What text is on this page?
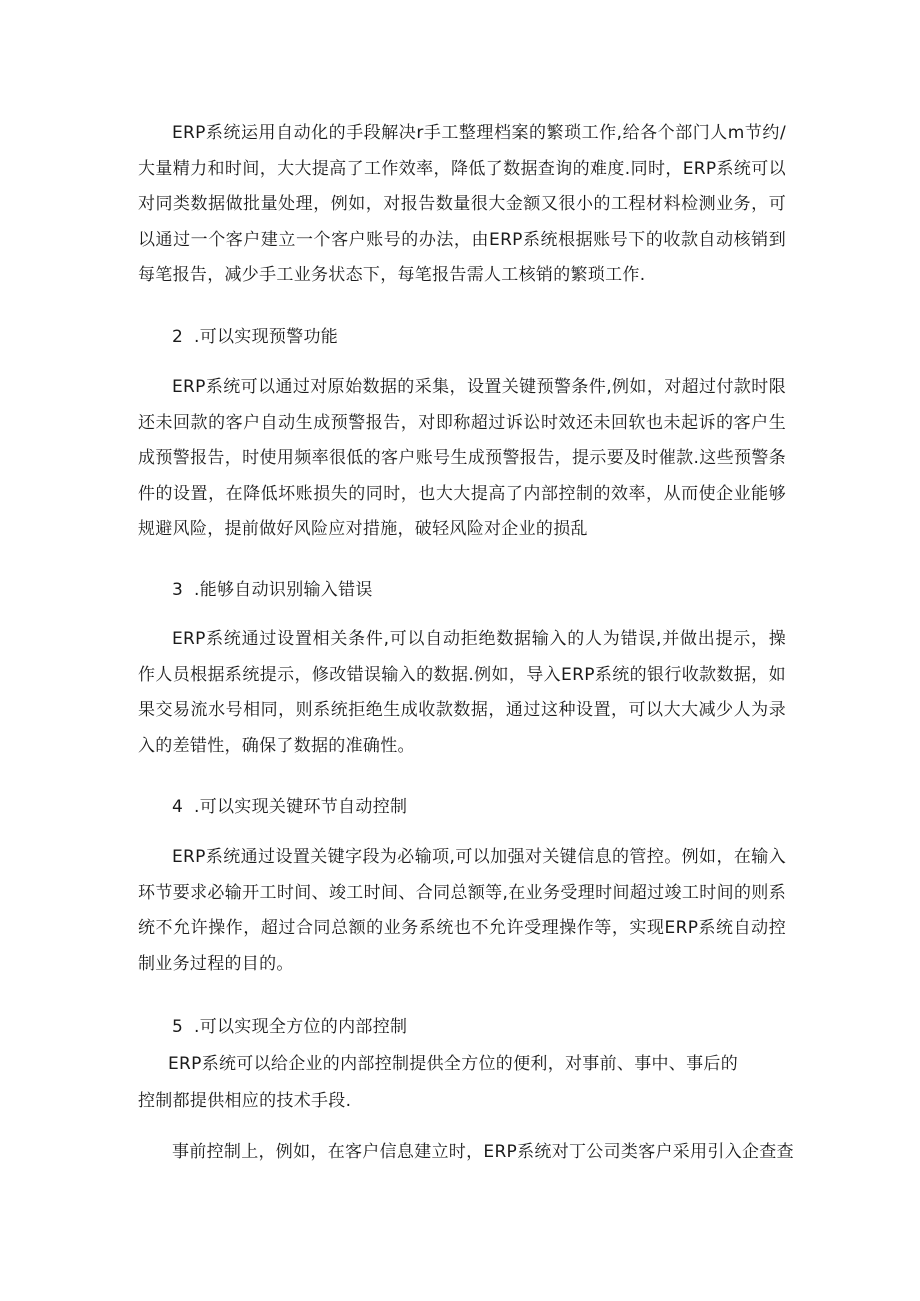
ERP系统运用自动化的手段解决r手工整理档案的繁琐工作,给各个部门人m节约/大量精力和时间，大大提高了工作效率，降低了数据查询的难度.同时，ERP系统可以对同类数据做批量处理，例如，对报告数量很大金额又很小的工程材料检测业务，可以通过一个客户建立一个客户账号的办法，由ERP系统根据账号下的收款自动核销到每笔报告，减少手工业务状态下，每笔报告需人工核销的繁琐工作.

2 .可以实现预警功能

ERP系统可以通过对原始数据的采集，设置关键预警条件,例如，对超过付款时限还未回款的客户自动生成预警报告，对即称超过诉讼时效还未回软也未起诉的客户生成预警报告，时使用频率很低的客户账号生成预警报告，提示要及时催款.这些预警条件的设置，在降低坏账损失的同时，也大大提高了内部控制的效率，从而使企业能够规避风险，提前做好风险应对措施，破轻风险对企业的损乱

3 .能够自动识别输入错误

ERP系统通过设置相关条件,可以自动拒绝数据输入的人为错误,并做出提示，操作人员根据系统提示，修改错误输入的数据.例如，导入ERP系统的银行收款数据，如果交易流水号相同，则系统拒绝生成收款数据，通过这种设置，可以大大减少人为录入的差错性，确保了数据的准确性。

4 .可以实现关键环节自动控制

ERP系统通过设置关键字段为必输项,可以加强对关键信息的管控。例如，在输入环节要求必输开工时间、竣工时间、合同总额等,在业务受理时间超过竣工时间的则系统不允许操作，超过合同总额的业务系统也不允许受理操作等，实现ERP系统自动控制业务过程的目的。

5 .可以实现全方位的内部控制

ERP系统可以给企业的内部控制提供全方位的便利，对事前、事中、事后的

控制都提供相应的技术手段.

事前控制上，例如，在客户信息建立时，ERP系统对丁公司类客户采用引入企查查
